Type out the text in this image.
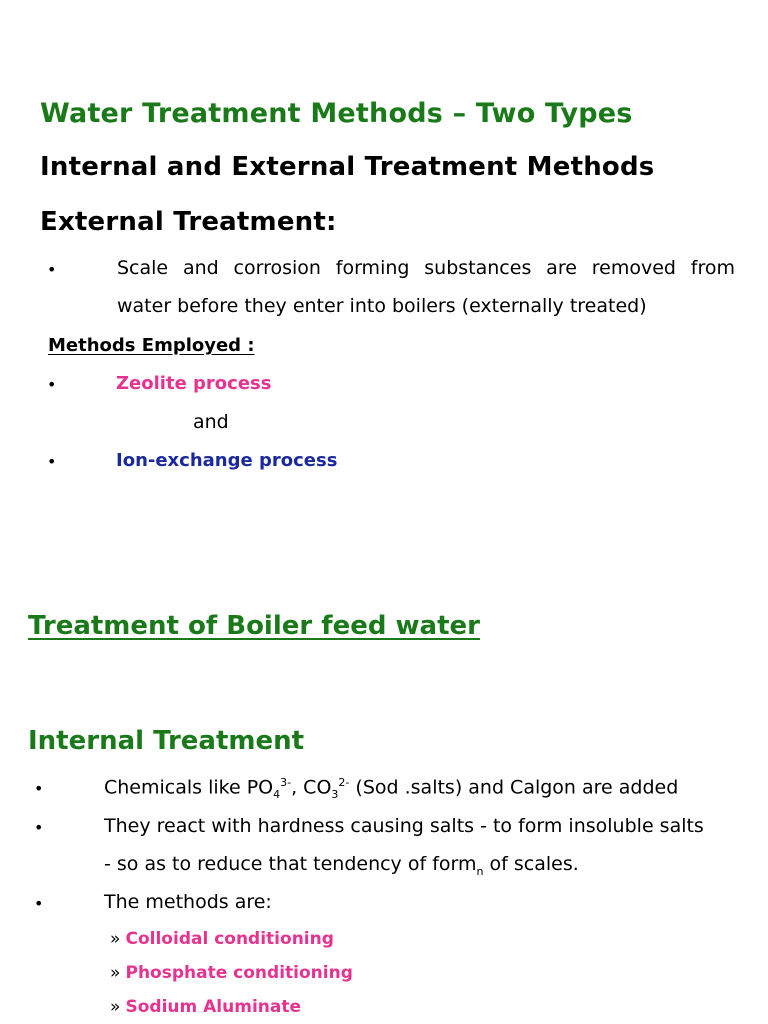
Water Treatment Methods – Two Types
Internal and External Treatment Methods
External Treatment:
•	Scale and corrosion forming substances are removed from
water before they enter into boilers (externally treated)
Methods Employed :
•	Zeolite process
and
•	Ion-exchange process
Treatment of Boiler feed water
Internal Treatment
•	Chemicals like $PO_4^{3-}$, $CO_3^{2-}$ (Sod .salts) and Calgon are added
•	They react with hardness causing salts - to form insoluble salts
- so as to reduce that tendency of form$_n$ of scales.
•	The methods are:
» Colloidal conditioning
» Phosphate conditioning
» Sodium Aluminate
